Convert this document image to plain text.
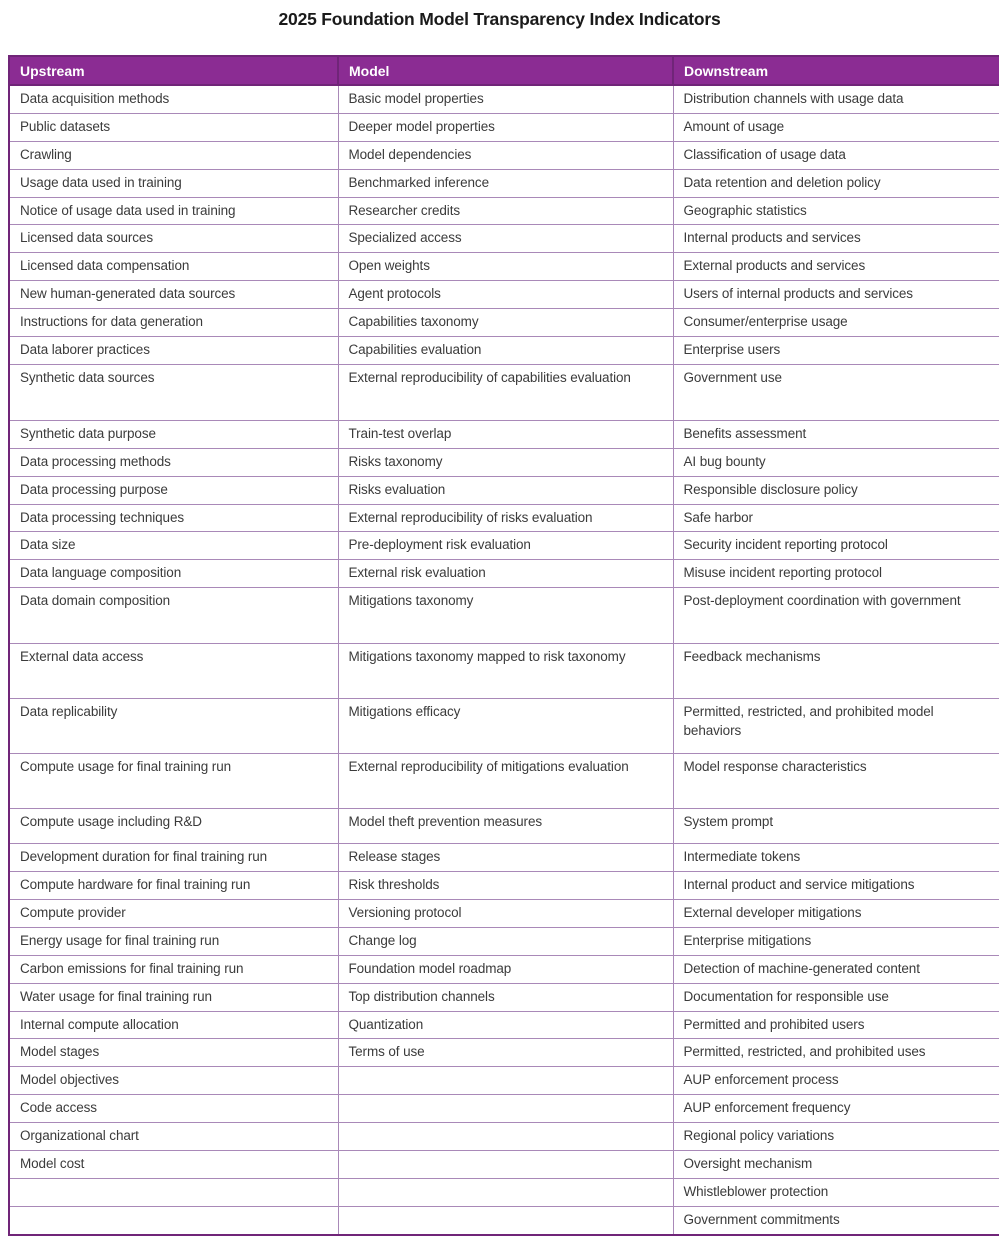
2025 Foundation Model Transparency Index Indicators
Upstream	Model	Downstream
Data acquisition methods	Basic model properties	Distribution channels with usage data
Public datasets	Deeper model properties	Amount of usage
Crawling	Model dependencies	Classification of usage data
Usage data used in training	Benchmarked inference	Data retention and deletion policy
Notice of usage data used in training	Researcher credits	Geographic statistics
Licensed data sources	Specialized access	Internal products and services
Licensed data compensation	Open weights	External products and services
New human-generated data sources	Agent protocols	Users of internal products and services
Instructions for data generation	Capabilities taxonomy	Consumer/enterprise usage
Data laborer practices	Capabilities evaluation	Enterprise users
Synthetic data sources	External reproducibility of capabilities evaluation	Government use
Synthetic data purpose	Train-test overlap	Benefits assessment
Data processing methods	Risks taxonomy	AI bug bounty
Data processing purpose	Risks evaluation	Responsible disclosure policy
Data processing techniques	External reproducibility of risks evaluation	Safe harbor
Data size	Pre-deployment risk evaluation	Security incident reporting protocol
Data language composition	External risk evaluation	Misuse incident reporting protocol
Data domain composition	Mitigations taxonomy	Post-deployment coordination with government
External data access	Mitigations taxonomy mapped to risk taxonomy	Feedback mechanisms
Data replicability	Mitigations efficacy	Permitted, restricted, and prohibited model behaviors
Compute usage for final training run	External reproducibility of mitigations evaluation	Model response characteristics
Compute usage including R&D	Model theft prevention measures	System prompt
Development duration for final training run	Release stages	Intermediate tokens
Compute hardware for final training run	Risk thresholds	Internal product and service mitigations
Compute provider	Versioning protocol	External developer mitigations
Energy usage for final training run	Change log	Enterprise mitigations
Carbon emissions for final training run	Foundation model roadmap	Detection of machine-generated content
Water usage for final training run	Top distribution channels	Documentation for responsible use
Internal compute allocation	Quantization	Permitted and prohibited users
Model stages	Terms of use	Permitted, restricted, and prohibited uses
Model objectives		AUP enforcement process
Code access		AUP enforcement frequency
Organizational chart		Regional policy variations
Model cost		Oversight mechanism
		Whistleblower protection
		Government commitments
